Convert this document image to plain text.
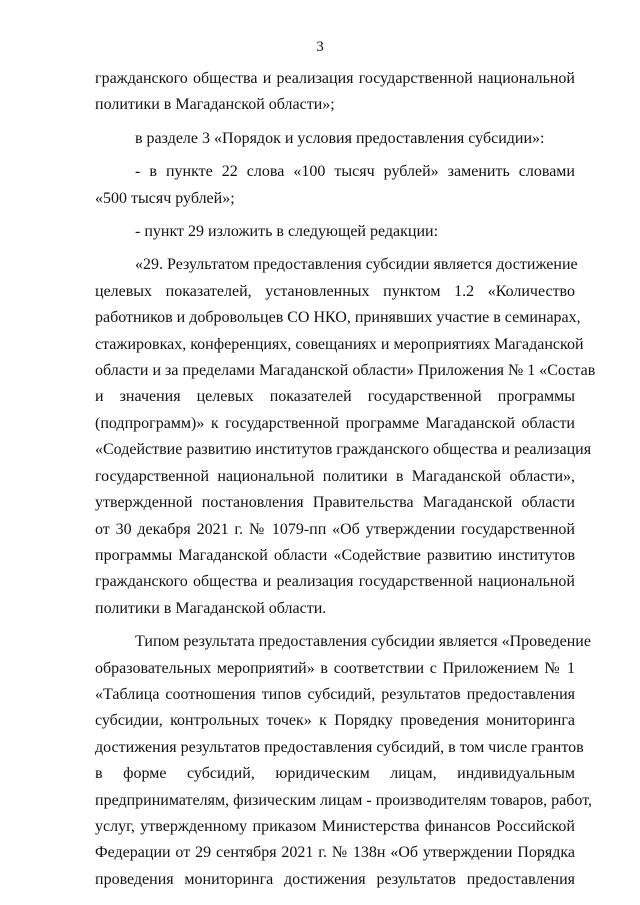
3

гражданского общества и реализация государственной национальной
политики в Магаданской области»;

в разделе 3 «Порядок и условия предоставления субсидии»:

- в пункте 22 слова «100 тысяч рублей» заменить словами
«500 тысяч рублей»;

- пункт 29 изложить в следующей редакции:

«29. Результатом предоставления субсидии является достижение
целевых показателей, установленных пунктом 1.2 «Количество
работников и добровольцев СО НКО, принявших участие в семинарах,
стажировках, конференциях, совещаниях и мероприятиях Магаданской
области и за пределами Магаданской области» Приложения № 1 «Состав
и значения целевых показателей государственной программы
(подпрограмм)» к государственной программе Магаданской области
«Содействие развитию институтов гражданского общества и реализация
государственной национальной политики в Магаданской области»,
утвержденной постановления Правительства Магаданской области
от 30 декабря 2021 г. № 1079-пп «Об утверждении государственной
программы Магаданской области «Содействие развитию институтов
гражданского общества и реализация государственной национальной
политики в Магаданской области.

Типом результата предоставления субсидии является «Проведение
образовательных мероприятий» в соответствии с Приложением № 1
«Таблица соотношения типов субсидий, результатов предоставления
субсидии, контрольных точек» к Порядку проведения мониторинга
достижения результатов предоставления субсидий, в том числе грантов
в форме субсидий, юридическим лицам, индивидуальным
предпринимателям, физическим лицам - производителям товаров, работ,
услуг, утвержденному приказом Министерства финансов Российской
Федерации от 29 сентября 2021 г. № 138н «Об утверждении Порядка
проведения мониторинга достижения результатов предоставления
